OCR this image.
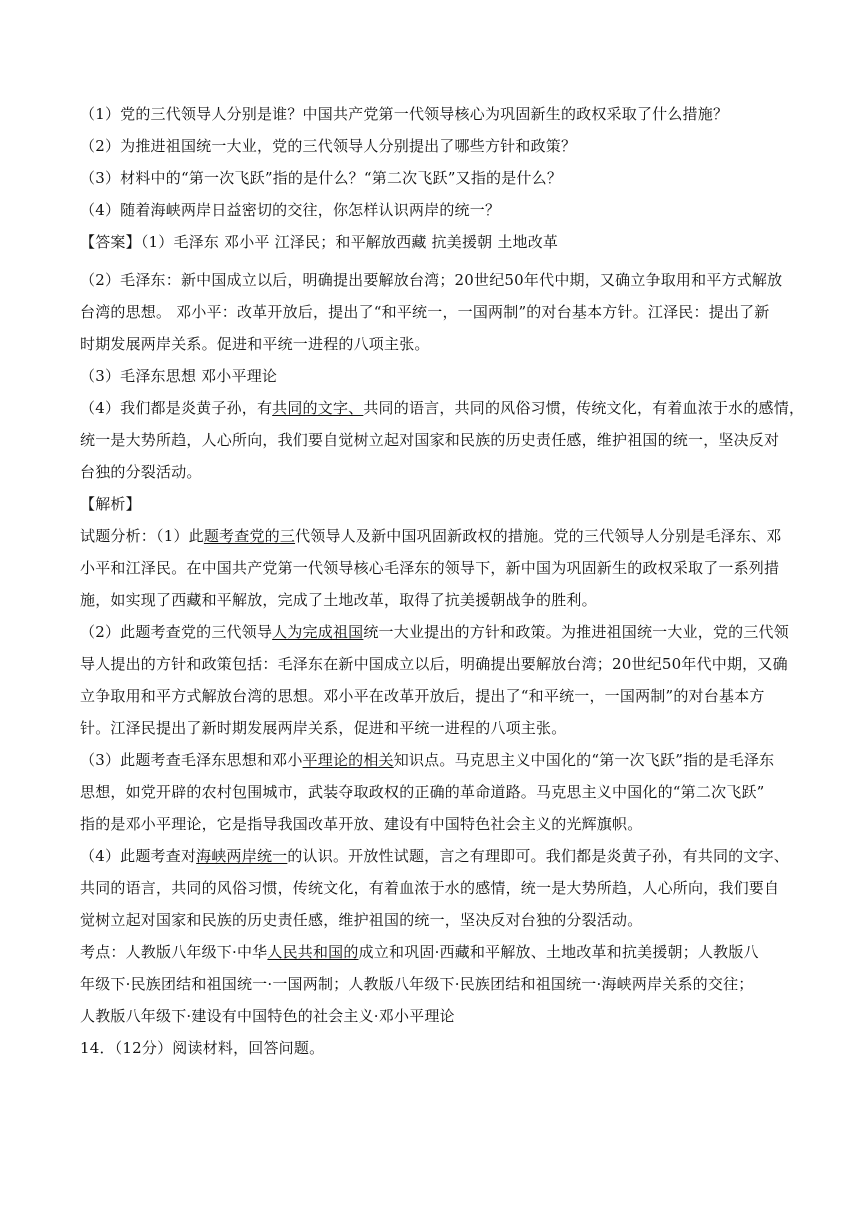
（1）党的三代领导人分别是谁？中国共产党第一代领导核心为巩固新生的政权采取了什么措施？
（2）为推进祖国统一大业，党的三代领导人分别提出了哪些方针和政策？
（3）材料中的“第一次飞跃”指的是什么？“第二次飞跃”又指的是什么？
（4）随着海峡两岸日益密切的交往，你怎样认识两岸的统一？
【答案】（1）毛泽东 邓小平 江泽民；和平解放西藏 抗美援朝 土地改革
（2）毛泽东：新中国成立以后，明确提出要解放台湾；20世纪50年代中期，又确立争取用和平方式解放
台湾的思想。 邓小平：改革开放后，提出了“和平统一，一国两制”的对台基本方针。江泽民：提出了新
时期发展两岸关系。促进和平统一进程的八项主张。
（3）毛泽东思想 邓小平理论
（4）我们都是炎黄子孙，有共同的文字、共同的语言，共同的风俗习惯，传统文化，有着血浓于水的感情，
统一是大势所趋，人心所向，我们要自觉树立起对国家和民族的历史责任感，维护祖国的统一，坚决反对
台独的分裂活动。
【解析】
试题分析：（1）此题考查党的三代领导人及新中国巩固新政权的措施。党的三代领导人分别是毛泽东、邓
小平和江泽民。在中国共产党第一代领导核心毛泽东的领导下，新中国为巩固新生的政权采取了一系列措
施，如实现了西藏和平解放，完成了土地改革，取得了抗美援朝战争的胜利。
（2）此题考查党的三代领导人为完成祖国统一大业提出的方针和政策。为推进祖国统一大业，党的三代领
导人提出的方针和政策包括：毛泽东在新中国成立以后，明确提出要解放台湾；20世纪50年代中期，又确
立争取用和平方式解放台湾的思想。邓小平在改革开放后，提出了“和平统一，一国两制”的对台基本方
针。江泽民提出了新时期发展两岸关系，促进和平统一进程的八项主张。
（3）此题考查毛泽东思想和邓小平理论的相关知识点。马克思主义中国化的“第一次飞跃”指的是毛泽东
思想，如党开辟的农村包围城市，武装夺取政权的正确的革命道路。马克思主义中国化的“第二次飞跃”
指的是邓小平理论，它是指导我国改革开放、建设有中国特色社会主义的光辉旗帜。
（4）此题考查对海峡两岸统一的认识。开放性试题，言之有理即可。我们都是炎黄子孙，有共同的文字、
共同的语言，共同的风俗习惯，传统文化，有着血浓于水的感情，统一是大势所趋，人心所向，我们要自
觉树立起对国家和民族的历史责任感，维护祖国的统一，坚决反对台独的分裂活动。
考点：人教版八年级下·中华人民共和国的成立和巩固·西藏和平解放、土地改革和抗美援朝；人教版八
年级下·民族团结和祖国统一·一国两制；人教版八年级下·民族团结和祖国统一·海峡两岸关系的交往；
人教版八年级下·建设有中国特色的社会主义·邓小平理论
14．（12分）阅读材料，回答问题。
